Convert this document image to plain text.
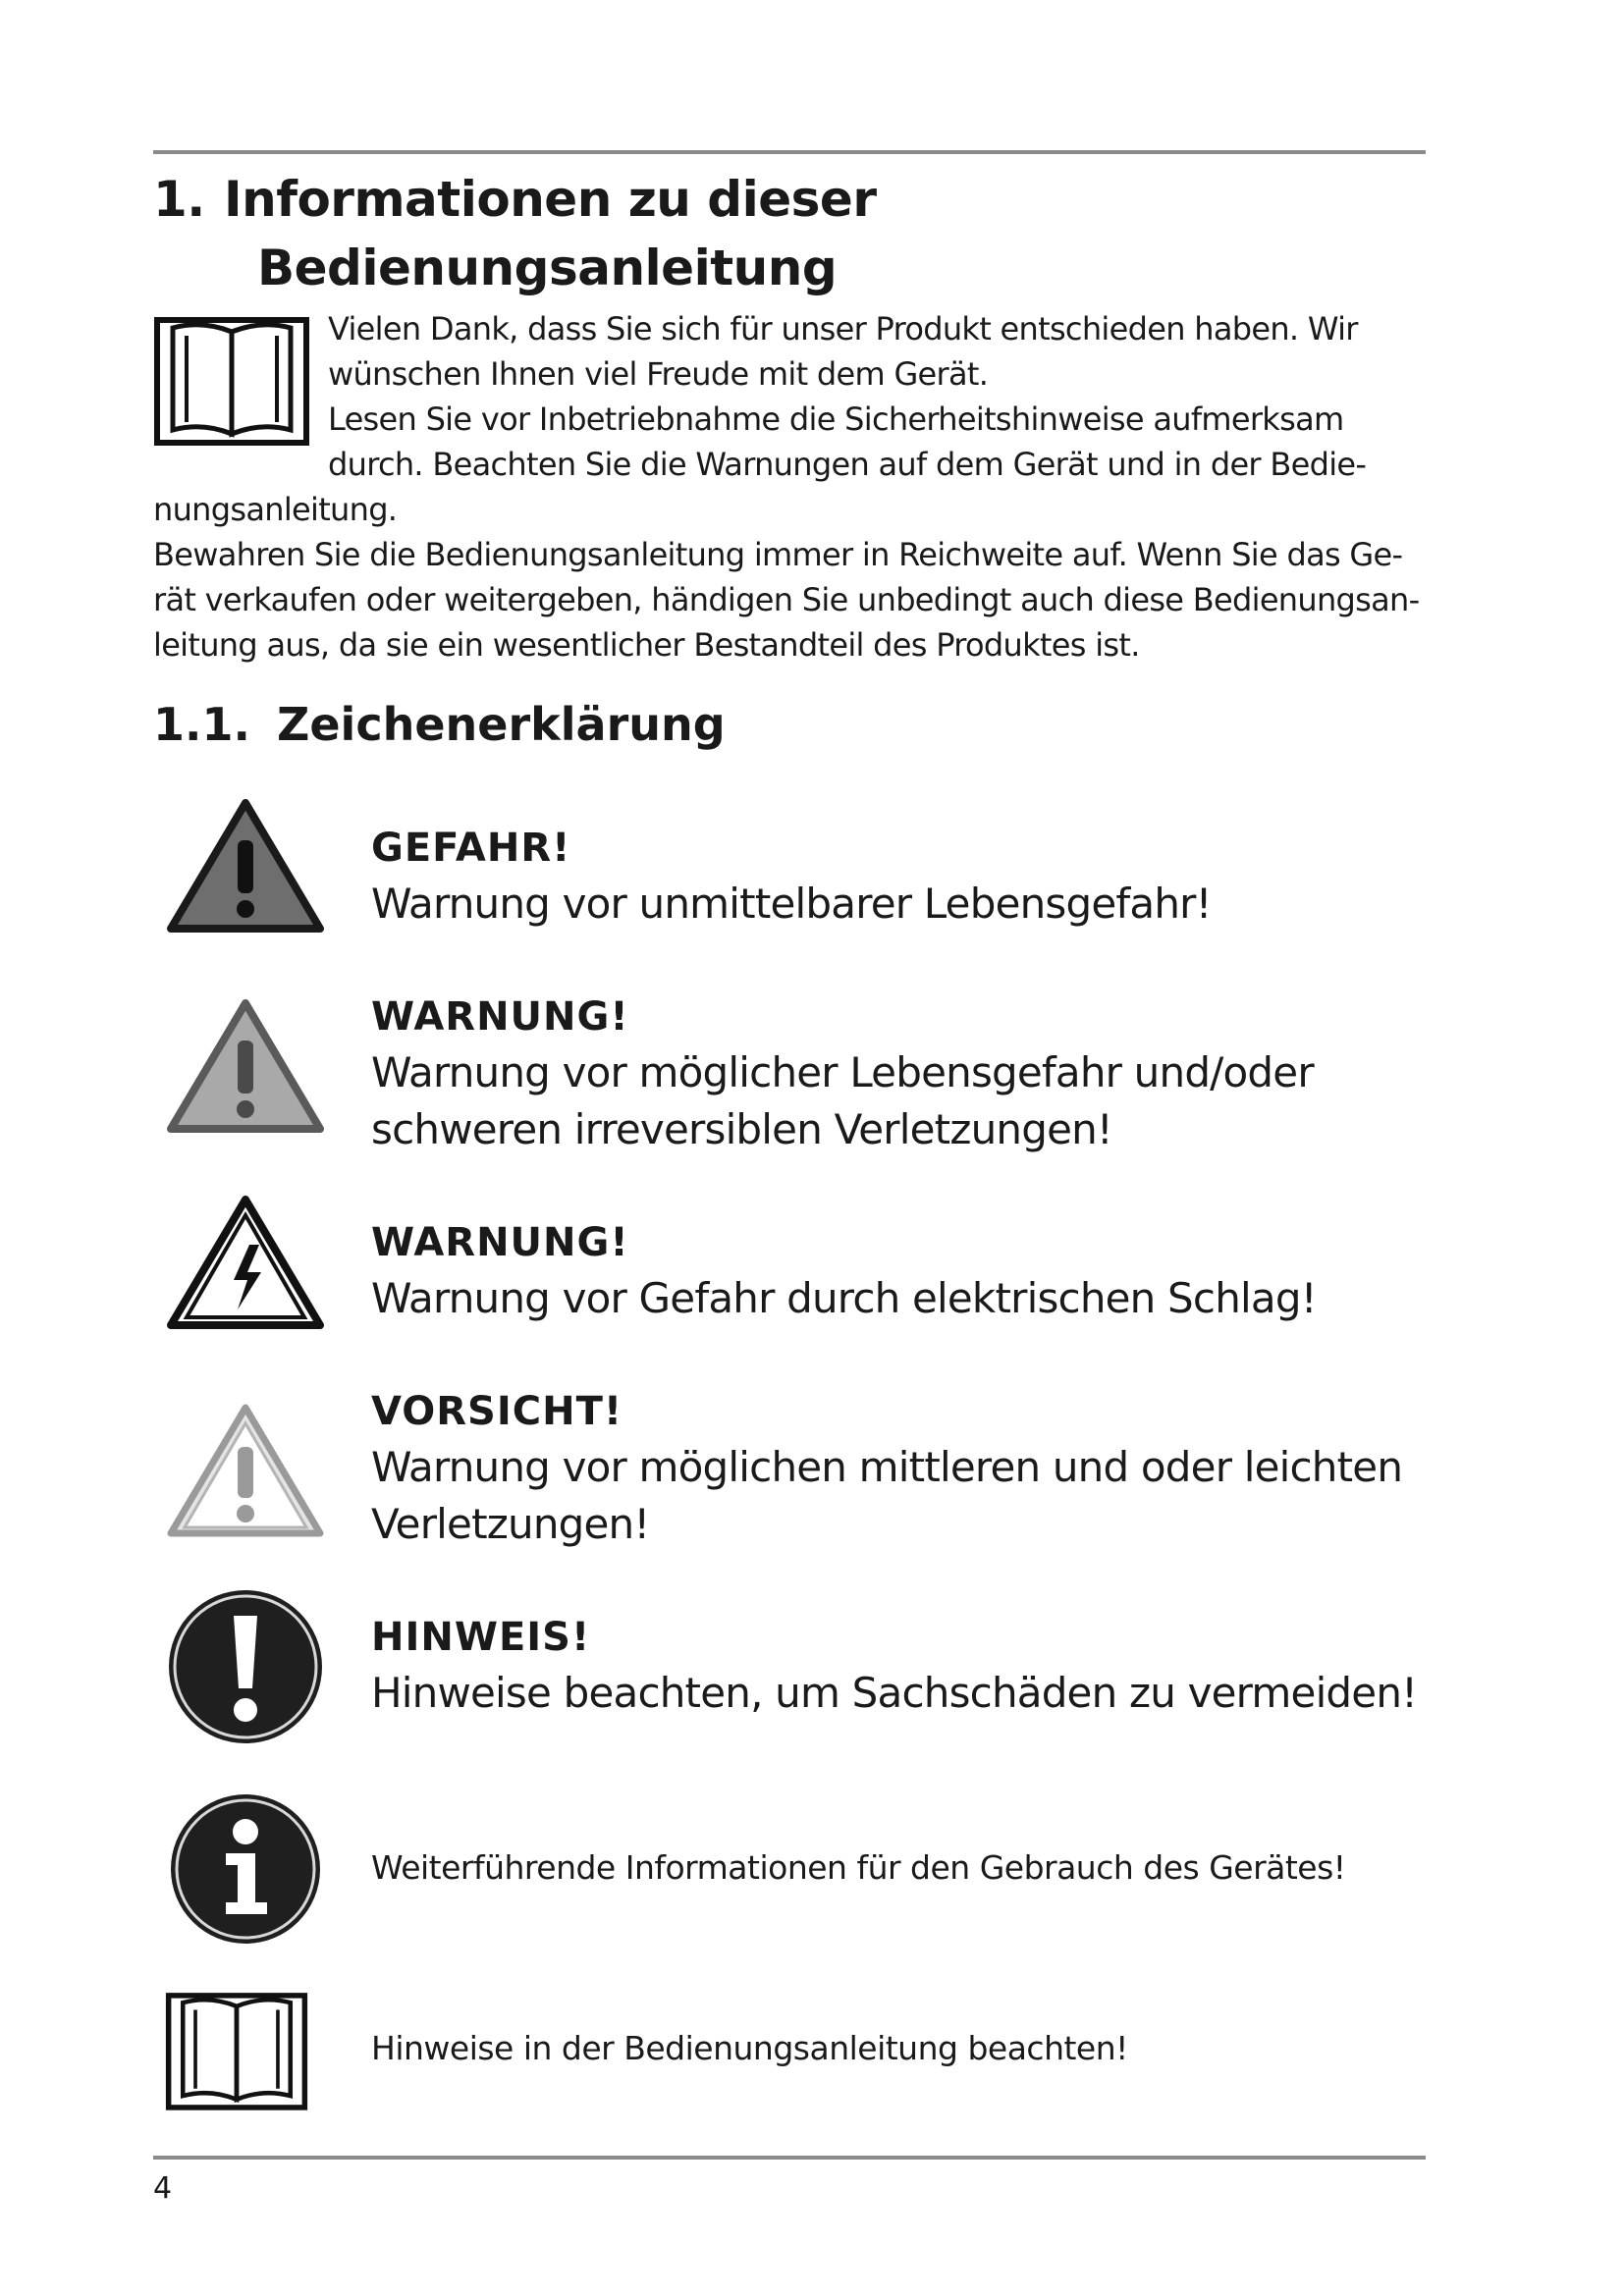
1. Informationen zu dieser
Bedienungsanleitung
Vielen Dank, dass Sie sich für unser Produkt entschieden haben. Wir
wünschen Ihnen viel Freude mit dem Gerät.
Lesen Sie vor Inbetriebnahme die Sicherheitshinweise aufmerksam
durch. Beachten Sie die Warnungen auf dem Gerät und in der Bedie-
nungsanleitung.
Bewahren Sie die Bedienungsanleitung immer in Reichweite auf. Wenn Sie das Ge-
rät verkaufen oder weitergeben, händigen Sie unbedingt auch diese Bedienungsan-
leitung aus, da sie ein wesentlicher Bestandteil des Produktes ist.
1.1. Zeichenerklärung
GEFAHR!
Warnung vor unmittelbarer Lebensgefahr!
WARNUNG!
Warnung vor möglicher Lebensgefahr und/oder
schweren irreversiblen Verletzungen!
WARNUNG!
Warnung vor Gefahr durch elektrischen Schlag!
VORSICHT!
Warnung vor möglichen mittleren und oder leichten
Verletzungen!
HINWEIS!
Hinweise beachten, um Sachschäden zu vermeiden!
Weiterführende Informationen für den Gebrauch des Gerätes!
Hinweise in der Bedienungsanleitung beachten!
4
